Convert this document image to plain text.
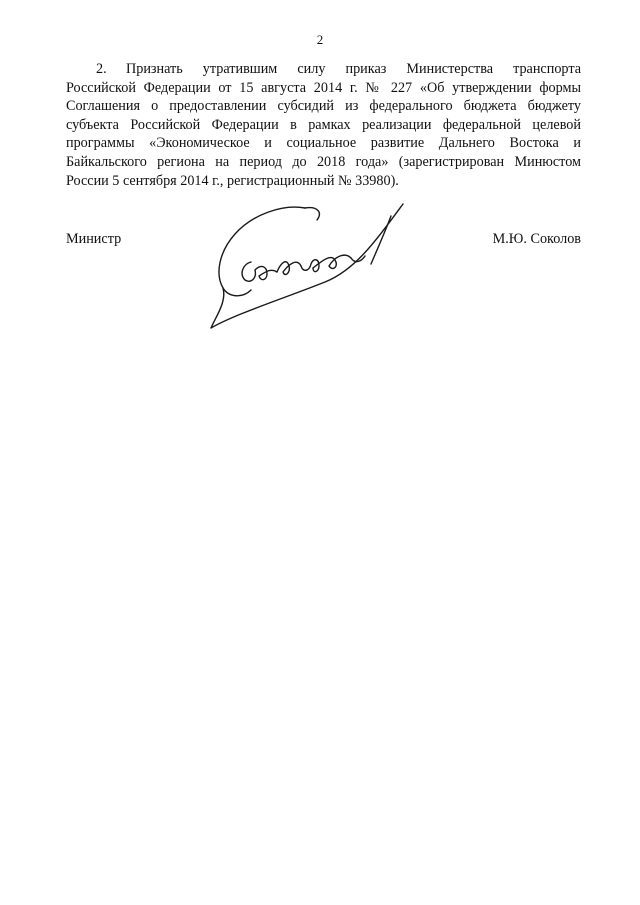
2
2. Признать утратившим силу приказ Министерства транспорта
Российской Федерации от 15 августа 2014 г. № 227 «Об утверждении формы
Соглашения о предоставлении субсидий из федерального бюджета бюджету
субъекта Российской Федерации в рамках реализации федеральной целевой
программы «Экономическое и социальное развитие Дальнего Востока и
Байкальского региона на период до 2018 года» (зарегистрирован Минюстом
России 5 сентября 2014 г., регистрационный № 33980).
Министр	М.Ю. Соколов
